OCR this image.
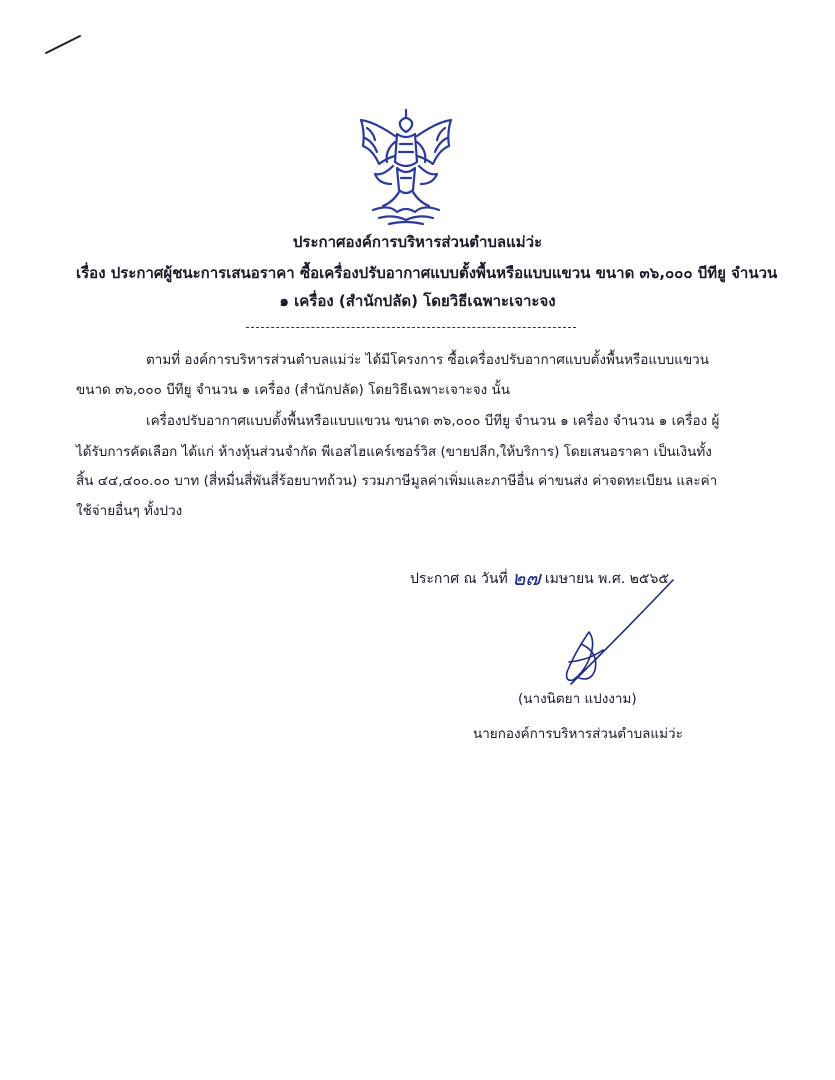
ประกาศองค์การบริหารส่วนตำบลแม่ว่ะ
เรื่อง ประกาศผู้ชนะการเสนอราคา ซื้อเครื่องปรับอากาศแบบตั้งพื้นหรือแบบแขวน ขนาด ๓๖,๐๐๐ บีทียู จำนวน
๑ เครื่อง (สำนักปลัด) โดยวิธีเฉพาะเจาะจง
ตามที่ องค์การบริหารส่วนตำบลแม่ว่ะ ได้มีโครงการ ซื้อเครื่องปรับอากาศแบบตั้งพื้นหรือแบบแขวน
ขนาด ๓๖,๐๐๐ บีทียู จำนวน ๑ เครื่อง (สำนักปลัด) โดยวิธีเฉพาะเจาะจง นั้น
เครื่องปรับอากาศแบบตั้งพื้นหรือแบบแขวน ขนาด ๓๖,๐๐๐ บีทียู จำนวน ๑ เครื่อง จำนวน ๑ เครื่อง ผู้
ได้รับการคัดเลือก ได้แก่ ห้างหุ้นส่วนจำกัด พีเอสไฮแคร์เซอร์วิส (ขายปลีก,ให้บริการ) โดยเสนอราคา เป็นเงินทั้ง
สิ้น ๔๔,๔๐๐.๐๐ บาท (สี่หมื่นสี่พันสี่ร้อยบาทถ้วน) รวมภาษีมูลค่าเพิ่มและภาษีอื่น ค่าขนส่ง ค่าจดทะเบียน และค่า
ใช้จ่ายอื่นๆ ทั้งปวง
ประกาศ ณ วันที่ ๒๗ เมษายน พ.ศ. ๒๕๖๕
(นางนิตยา แปงงาม)
นายกองค์การบริหารส่วนตำบลแม่ว่ะ
